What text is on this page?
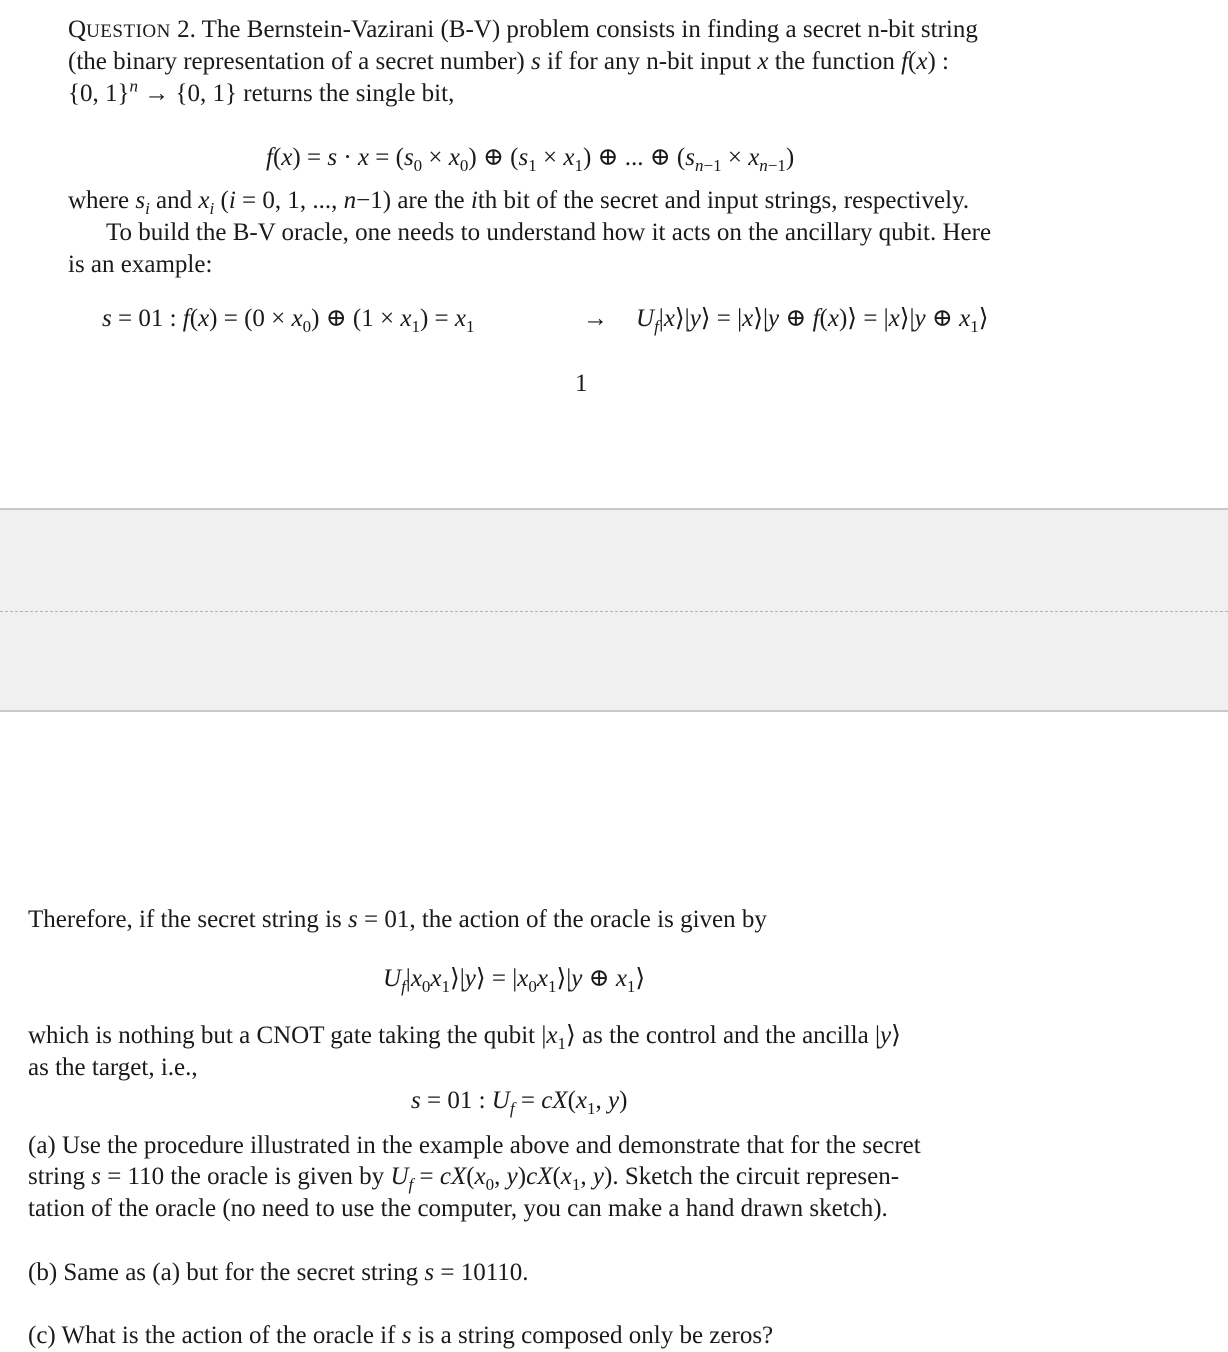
QUESTION 2. The Bernstein-Vazirani (B-V) problem consists in finding a secret n-bit string
(the binary representation of a secret number) s if for any n-bit input x the function f(x) :
{0, 1}$^n$ → {0, 1} returns the single bit,
$f(x) = s \cdot x = (s_0 \times x_0)$ ⊕ $(s_1 \times x_1)$ ⊕ ... ⊕ $(s_{n-1} \times x_{n-1})$
where $s_i$ and $x_i$ (i = 0, 1, ..., n−1) are the ith bit of the secret and input strings, respectively.
To build the B-V oracle, one needs to understand how it acts on the ancillary qubit. Here
is an example:
s = 01 : $f(x) = (0 \times x_0)$ ⊕ $(1 \times x_1) = x_1$	→ $U_f|x⟩|y⟩$ = |x⟩|y ⊕ f(x)⟩ = |x⟩|y ⊕ $x_1⟩$
1
Therefore, if the secret string is s = 01, the action of the oracle is given by
$U_f|x_0x_1⟩|y⟩$ = $|x_0x_1⟩|y$ ⊕ $x_1⟩$
which is nothing but a CNOT gate taking the qubit $|x_1⟩$ as the control and the ancilla |y⟩
as the target, i.e.,
s = 01 : $U_f = cX(x_1$, y)
(a) Use the procedure illustrated in the example above and demonstrate that for the secret
string s = 110 the oracle is given by $U_f = cX(x_0$, $y)cX(x_1$, y). Sketch the circuit represen-
tation of the oracle (no need to use the computer, you can make a hand drawn sketch).
(b) Same as (a) but for the secret string s = 10110.
(c) What is the action of the oracle if s is a string composed only be zeros?
